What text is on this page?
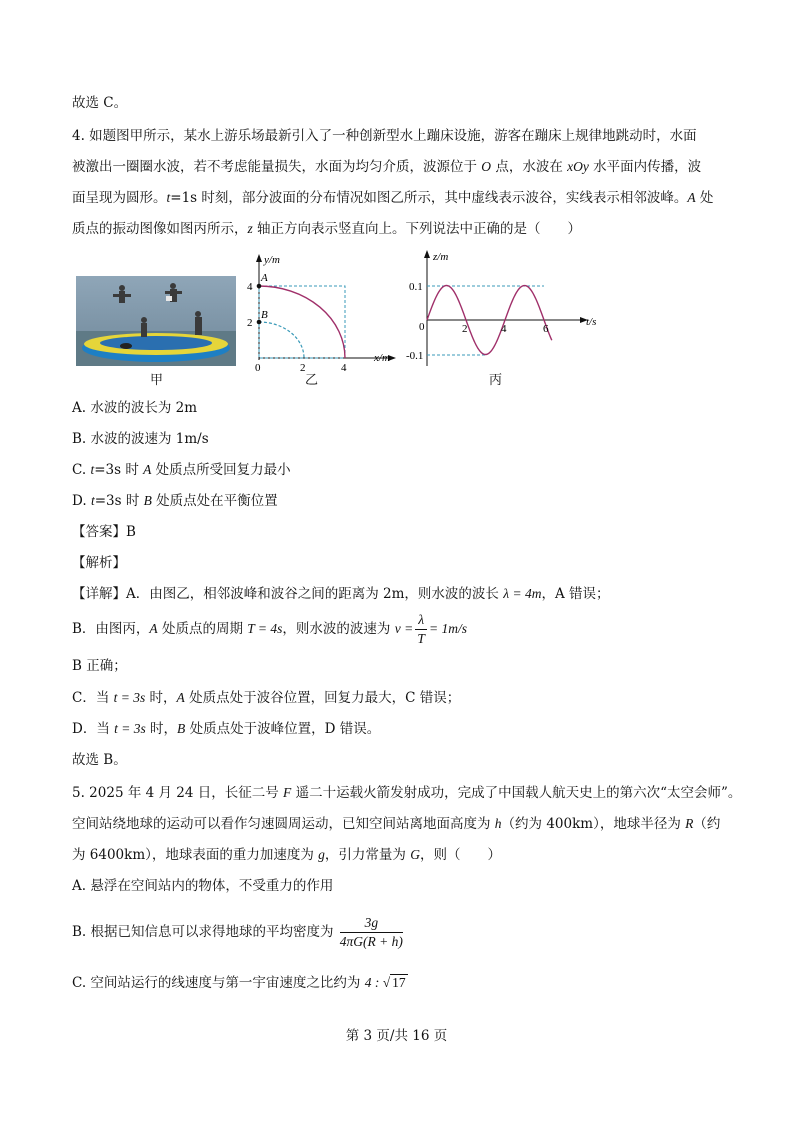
故选 C。
4. 如题图甲所示，某水上游乐场最新引入了一种创新型水上蹦床设施，游客在蹦床上规律地跳动时，水面
被激出一圈圈水波，若不考虑能量损失，水面为均匀介质，波源位于 O 点，水波在 xOy 水平面内传播，波
面呈现为圆形。t=1s 时刻，部分波面的分布情况如图乙所示，其中虚线表示波谷，实线表示相邻波峰。A 处
质点的振动图像如图丙所示，z 轴正方向表示竖直向上。下列说法中正确的是（　　）
甲
y/m
x/m
A
B
4
2
0	2	4
乙
z/m
t/s
0.1
-0.1
0	2	4	6
丙
A. 水波的波长为 2m
B. 水波的波速为 1m/s
C. t=3s 时 A 处质点所受回复力最小
D. t=3s 时 B 处质点处在平衡位置
【答案】B
【解析】
【详解】A．由图乙，相邻波峰和波谷之间的距离为 2m，则水波的波长 λ = 4m，A 错误；
B．由图丙，A 处质点的周期 T = 4s，则水波的波速为 $v = \frac{\lambda}{T} = 1m/s$
B 正确；
C．当 t = 3s 时，A 处质点处于波谷位置，回复力最大，C 错误；
D．当 t = 3s 时，B 处质点处于波峰位置，D 错误。
故选 B。
5. 2025 年 4 月 24 日，长征二号 F 遥二十运载火箭发射成功，完成了中国载人航天史上的第六次“太空会师”。
空间站绕地球的运动可以看作匀速圆周运动，已知空间站离地面高度为 h（约为 400km），地球半径为 R（约
为 6400km），地球表面的重力加速度为 g，引力常量为 G，则（　　）
A. 悬浮在空间站内的物体，不受重力的作用
B. 根据已知信息可以求得地球的平均密度为 $\frac{3g}{4\pi G(R + h)}$
C. 空间站运行的线速度与第一宇宙速度之比约为 4 : √ 17
第 3 页/共 16 页
